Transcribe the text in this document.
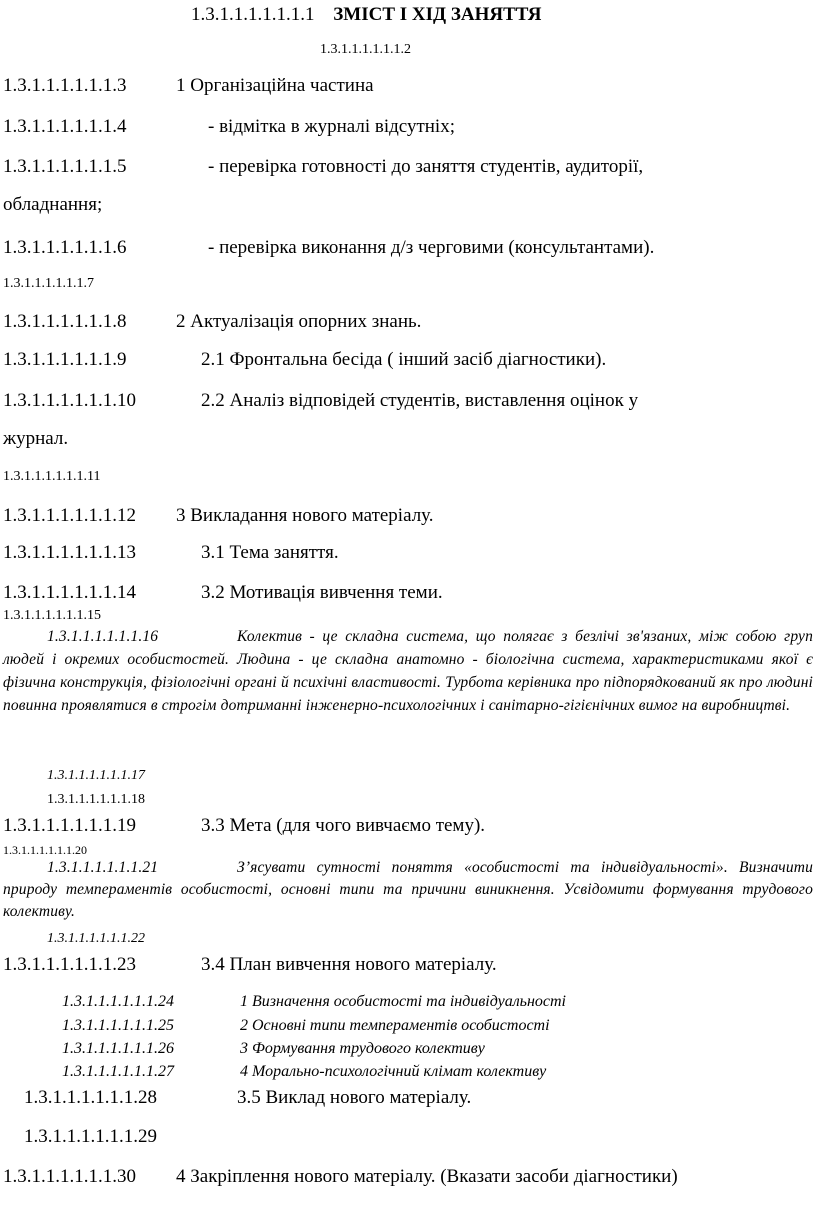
1.3.1.1.1.1.1.1.1 ЗМІСТ І ХІД ЗАНЯТТЯ
1.3.1.1.1.1.1.1.2
1.3.1.1.1.1.1.1.3	1 Організаційна частина
1.3.1.1.1.1.1.1.4	- відмітка в журналі відсутніх;
1.3.1.1.1.1.1.1.5	- перевірка готовності до заняття студентів, аудиторії,
обладнання;
1.3.1.1.1.1.1.1.6	- перевірка виконання д/з черговими (консультантами).
1.3.1.1.1.1.1.1.7
1.3.1.1.1.1.1.1.8	2 Актуалізація опорних знань.
1.3.1.1.1.1.1.1.9	2.1 Фронтальна бесіда ( інший засіб діагностики).
1.3.1.1.1.1.1.1.10	2.2 Аналіз відповідей студентів, виставлення оцінок у
журнал.
1.3.1.1.1.1.1.1.11
1.3.1.1.1.1.1.1.12 3 Викладання нового матеріалу.
1.3.1.1.1.1.1.1.13	3.1 Тема заняття.
1.3.1.1.1.1.1.1.14	3.2 Мотивація вивчення теми.
1.3.1.1.1.1.1.1.15
1.3.1.1.1.1.1.1.16	Колектив - це складна система, що полягає з безлічі зв'язаних, між собою груп людей і окремих особистостей. Людина - це складна анатомно - біологічна система, характеристиками якої є фізична конструкція, фізіологічні органі й психічні властивості. Турбота керівника про підпорядкований як про людині повинна проявлятися в строгім дотриманні інженерно-психологічних і санітарно-гігієнічних вимог на виробництві.
1.3.1.1.1.1.1.1.17
1.3.1.1.1.1.1.1.18
1.3.1.1.1.1.1.1.19	3.3 Мета (для чого вивчаємо тему).
1.3.1.1.1.1.1.1.20
1.3.1.1.1.1.1.1.21	З’ясувати сутності поняття «особистості та індивідуальності». Визначити природу темпераментів особистості, основні типи та причини виникнення. Усвідомити формування трудового колективу.
1.3.1.1.1.1.1.1.22
1.3.1.1.1.1.1.1.23	3.4 План вивчення нового матеріалу.
1.3.1.1.1.1.1.1.24	1 Визначення особистості та індивідуальності
1.3.1.1.1.1.1.1.25	2 Основні типи темпераментів особистості
1.3.1.1.1.1.1.1.26	3 Формування трудового колективу
1.3.1.1.1.1.1.1.27	4 Морально-психологічний клімат колективу
1.3.1.1.1.1.1.1.28	3.5 Виклад нового матеріалу.
1.3.1.1.1.1.1.1.29
1.3.1.1.1.1.1.1.30 4 Закріплення нового матеріалу. (Вказати засоби діагностики)
